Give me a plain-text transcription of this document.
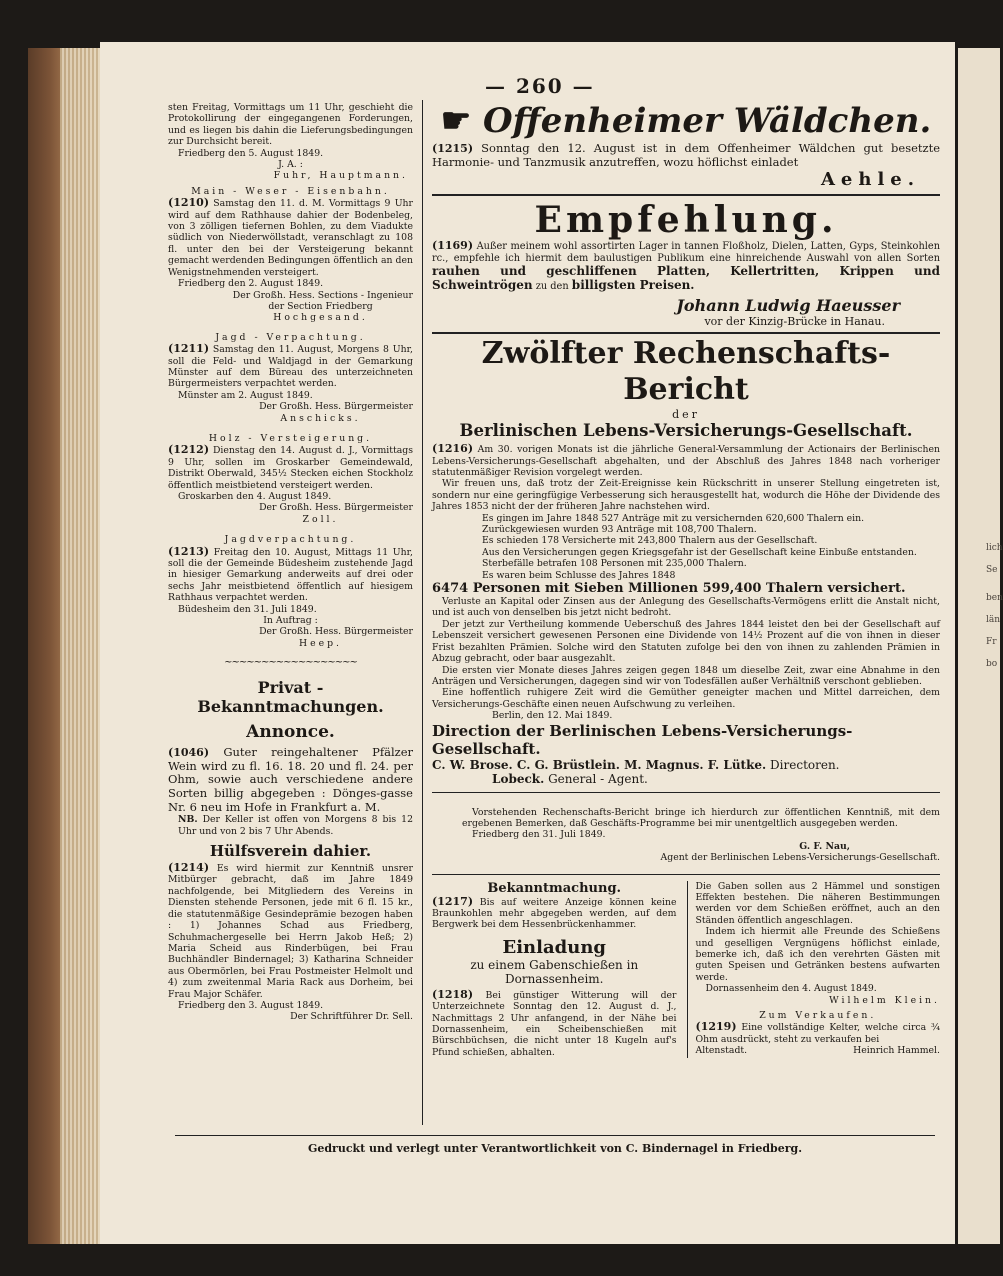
lich
Se
ben
län
Fr
bo
— 260 —

sten Freitag, Vormittags um 11 Uhr, geschieht die Protokollirung der eingegangenen Forderungen, und es liegen bis dahin die Lieferungsbedingungen zur Durchsicht bereit.

Friedberg den 5. August 1849.

J. A. :

Fuhr, Hauptmann.

Main - Weser - Eisenbahn.

(1210) Samstag den 11. d. M. Vormittags 9 Uhr wird auf dem Rathhause dahier der Bodenbeleg, von 3 zölligen tiefernen Bohlen, zu dem Viadukte südlich von Niederwöllstadt, veranschlagt zu 108 fl. unter den bei der Versteigerung bekannt gemacht werdenden Bedingungen öffentlich an den Wenigstnehmenden versteigert.

Friedberg den 2. August 1849.

Der Großh. Hess. Sections - Ingenieur

der Section Friedberg

Hochgesand.

Jagd - Verpachtung.

(1211) Samstag den 11. August, Morgens 8 Uhr, soll die Feld- und Waldjagd in der Gemarkung Münster auf dem Büreau des unterzeichneten Bürgermeisters verpachtet werden.

Münster am 2. August 1849.

Der Großh. Hess. Bürgermeister

Anschicks.

Holz - Versteigerung.

(1212) Dienstag den 14. August d. J., Vormittags 9 Uhr, sollen im Groskarber Gemeindewald, Distrikt Oberwald, 345½ Stecken eichen Stockholz öffentlich meistbietend versteigert werden.

Groskarben den 4. August 1849.

Der Großh. Hess. Bürgermeister

Zoll.

Jagdverpachtung.

(1213) Freitag den 10. August, Mittags 11 Uhr, soll die der Gemeinde Büdesheim zustehende Jagd in hiesiger Gemarkung anderweits auf drei oder sechs Jahr meistbietend öffentlich auf hiesigem Rathhaus verpachtet werden.

Büdesheim den 31. Juli 1849.

In Auftrag :

Der Großh. Hess. Bürgermeister

Heep.

~~~~~~~~~~~~~~~~~~

Privat - Bekanntmachungen.

Annonce.

(1046) Guter reingehaltener Pfälzer Wein wird zu fl. 16. 18. 20 und fl. 24. per Ohm, sowie auch verschiedene andere Sorten billig abgegeben : Dönges-gasse Nr. 6 neu im Hofe in Frankfurt a. M.

NB. Der Keller ist offen von Morgens 8 bis 12 Uhr und von 2 bis 7 Uhr Abends.

Hülfsverein dahier.

(1214) Es wird hiermit zur Kenntniß unsrer Mitbürger gebracht, daß im Jahre 1849 nachfolgende, bei Mitgliedern des Vereins in Diensten stehende Personen, jede mit 6 fl. 15 kr., die statutenmäßige Gesindeprämie bezogen haben : 1) Johannes Schad aus Friedberg, Schuhmachergeselle bei Herrn Jakob Heß; 2) Maria Scheid aus Rinderbügen, bei Frau Buchhändler Bindernagel; 3) Katharina Schneider aus Obermörlen, bei Frau Postmeister Helmolt und 4) zum zweitenmal Maria Rack aus Dorheim, bei Frau Major Schäfer.

Friedberg den 3. August 1849.

Der Schriftführer Dr. Sell.

☛ Offenheimer Wäldchen.

(1215) Sonntag den 12. August ist in dem Offenheimer Wäldchen gut besetzte Harmonie- und Tanzmusik anzutreffen, wozu höflichst einladet

Aehle.

Empfehlung.

(1169) Außer meinem wohl assortirten Lager in tannen Floßholz, Dielen, Latten, Gyps, Steinkohlen rc., empfehle ich hiermit dem baulustigen Publikum eine hinreichende Auswahl von allen Sorten rauhen und geschliffenen Platten, Kellertritten, Krippen und Schweintrögen zu den billigsten Preisen.

Johann Ludwig Haeusser

vor der Kinzig-Brücke in Hanau.

Zwölfter Rechenschafts-Bericht

der

Berlinischen Lebens-Versicherungs-Gesellschaft.

(1216) Am 30. vorigen Monats ist die jährliche General-Versammlung der Actionairs der Berlinischen Lebens-Versicherungs-Gesellschaft abgehalten, und der Abschluß des Jahres 1848 nach vorheriger statutenmäßiger Revision vorgelegt werden.

Wir freuen uns, daß trotz der Zeit-Ereignisse kein Rückschritt in unserer Stellung eingetreten ist, sondern nur eine geringfügige Verbesserung sich herausgestellt hat, wodurch die Höhe der Dividende des Jahres 1853 nicht der der früheren Jahre nachstehen wird.

Es gingen im Jahre 1848 527 Anträge mit zu versichernden 620,600 Thalern ein.

Zurückgewiesen wurden 93 Anträge mit 108,700 Thalern.

Es schieden 178 Versicherte mit 243,800 Thalern aus der Gesellschaft.

Aus den Versicherungen gegen Kriegsgefahr ist der Gesellschaft keine Einbuße entstanden.

Sterbefälle betrafen 108 Personen mit 235,000 Thalern.

Es waren beim Schlusse des Jahres 1848

6474 Personen mit Sieben Millionen 599,400 Thalern versichert.

Verluste an Kapital oder Zinsen aus der Anlegung des Gesellschafts-Vermögens erlitt die Anstalt nicht, und ist auch von denselben bis jetzt nicht bedroht.

Der jetzt zur Vertheilung kommende Ueberschuß des Jahres 1844 leistet den bei der Gesellschaft auf Lebenszeit versichert gewesenen Personen eine Dividende von 14½ Prozent auf die von ihnen in dieser Frist bezahlten Prämien. Solche wird den Statuten zufolge bei den von ihnen zu zahlenden Prämien in Abzug gebracht, oder baar ausgezahlt.

Die ersten vier Monate dieses Jahres zeigen gegen 1848 um dieselbe Zeit, zwar eine Abnahme in den Anträgen und Versicherungen, dagegen sind wir von Todesfällen außer Verhältniß verschont geblieben.

Eine hoffentlich ruhigere Zeit wird die Gemüther geneigter machen und Mittel darreichen, dem Versicherungs-Geschäfte einen neuen Aufschwung zu verleihen.

Berlin, den 12. Mai 1849.

Direction der Berlinischen Lebens-Versicherungs-Gesellschaft.

C. W. Brose. C. G. Brüstlein. M. Magnus. F. Lütke. Directoren.

Lobeck. General - Agent.

Vorstehenden Rechenschafts-Bericht bringe ich hierdurch zur öffentlichen Kenntniß, mit dem ergebenen Bemerken, daß Geschäfts-Programme bei mir unentgeltlich ausgegeben werden.

Friedberg den 31. Juli 1849.

G. F. Nau,

Agent der Berlinischen Lebens-Versicherungs-Gesellschaft.

Bekanntmachung.

(1217) Bis auf weitere Anzeige können keine Braunkohlen mehr abgegeben werden, auf dem Bergwerk bei dem Hessenbrückenhammer.

Einladung

zu einem Gabenschießen in Dornassenheim.

(1218) Bei günstiger Witterung will der Unterzeichnete Sonntag den 12. August d. J., Nachmittags 2 Uhr anfangend, in der Nähe bei Dornassenheim, ein Scheibenschießen mit Bürschbüchsen, die nicht unter 18 Kugeln auf's Pfund schießen, abhalten.

Die Gaben sollen aus 2 Hämmel und sonstigen Effekten bestehen. Die näheren Bestimmungen werden vor dem Schießen eröffnet, auch an den Ständen öffentlich angeschlagen.

Indem ich hiermit alle Freunde des Schießens und geselligen Vergnügens höflichst einlade, bemerke ich, daß ich den verehrten Gästen mit guten Speisen und Getränken bestens aufwarten werde.

Dornassenheim den 4. August 1849.

Wilhelm Klein.

Zum Verkaufen.

(1219) Eine vollständige Kelter, welche circa ¾ Ohm ausdrückt, steht zu verkaufen bei

Altenstadt.	Heinrich Hammel.

Gedruckt und verlegt unter Verantwortlichkeit von C. Bindernagel in Friedberg.
